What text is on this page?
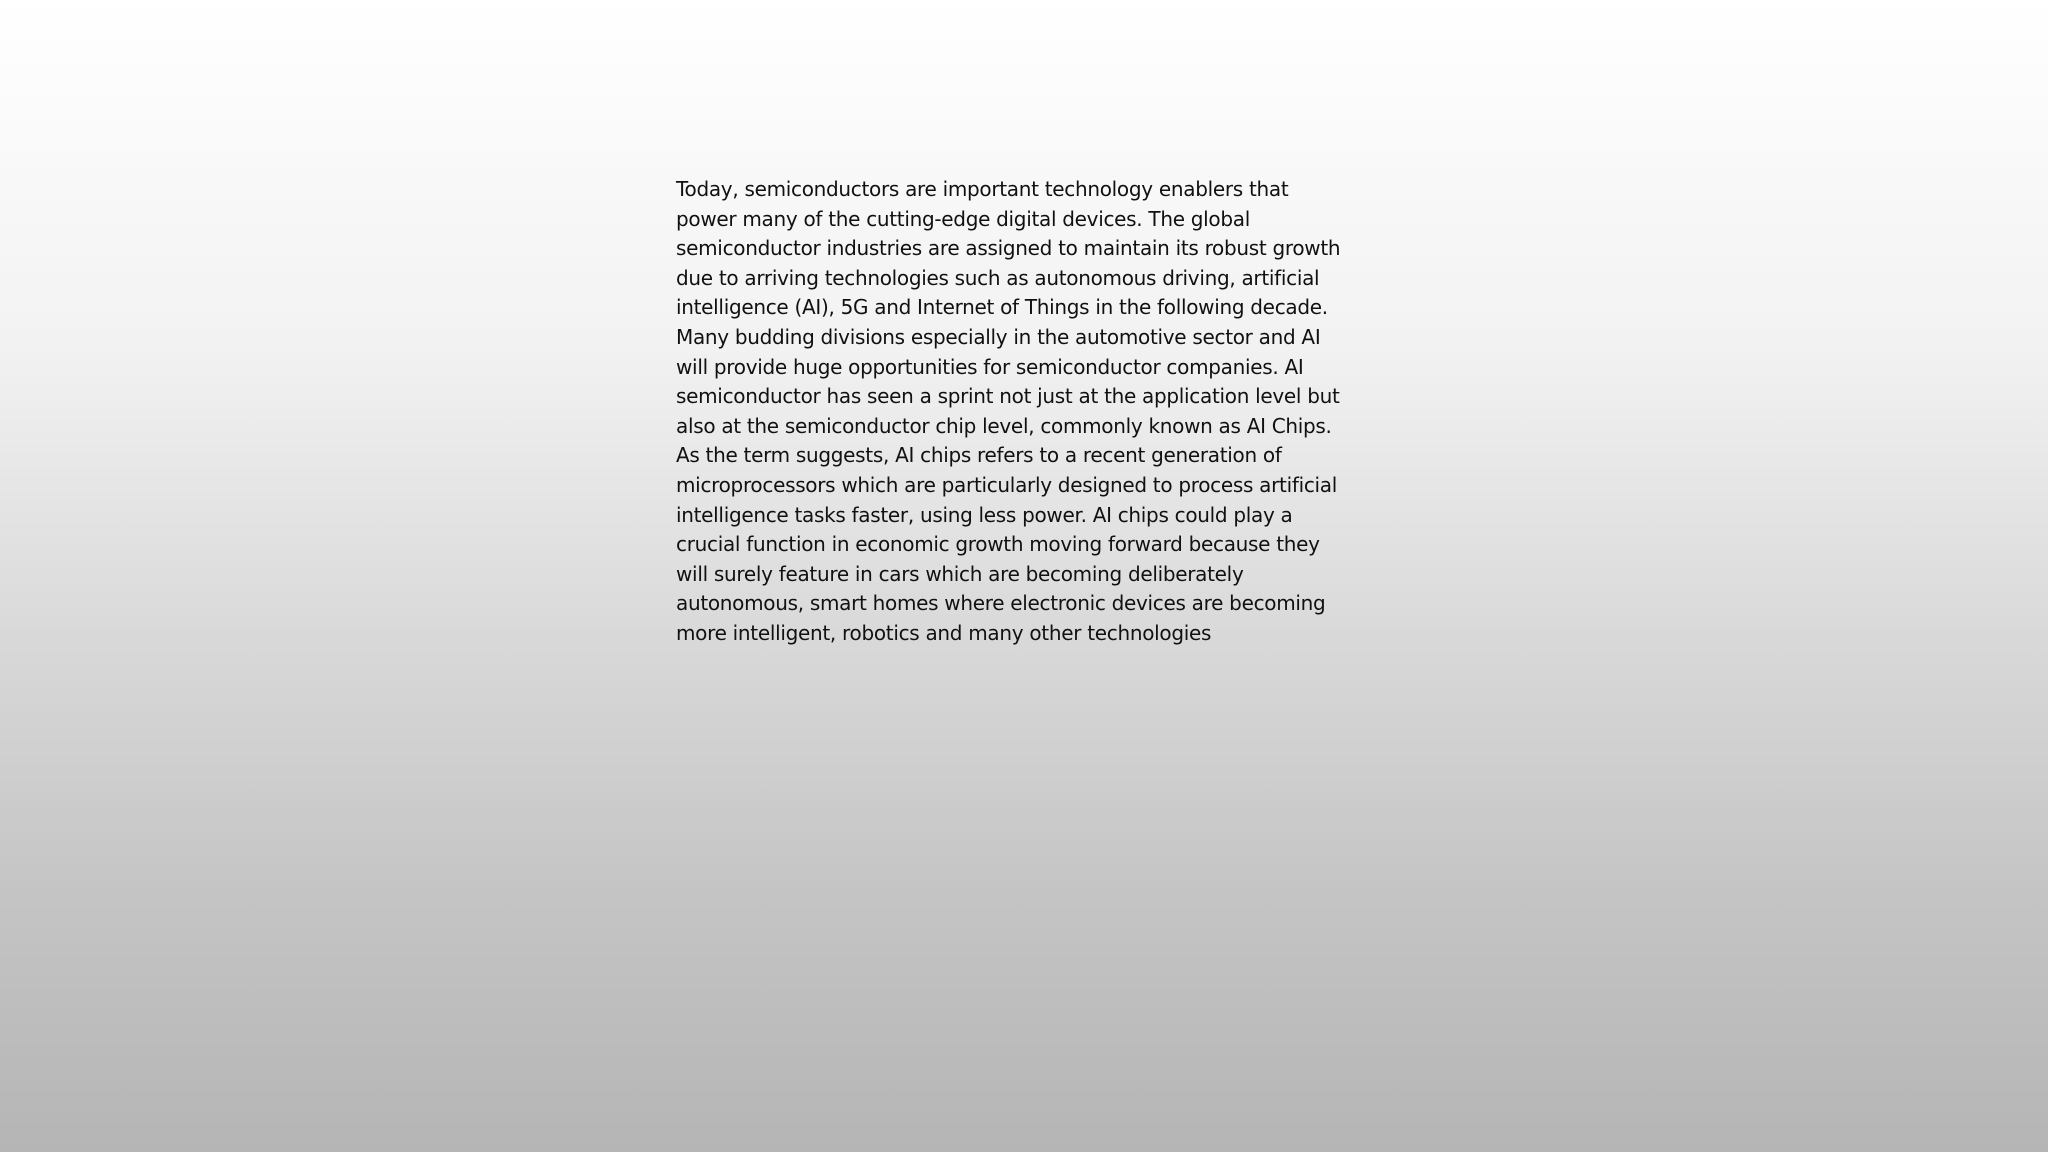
Today, semiconductors are important technology enablers that
power many of the cutting-edge digital devices. The global
semiconductor industries are assigned to maintain its robust growth
due to arriving technologies such as autonomous driving, artificial
intelligence (AI), 5G and Internet of Things in the following decade.
Many budding divisions especially in the automotive sector and AI
will provide huge opportunities for semiconductor companies. AI
semiconductor has seen a sprint not just at the application level but
also at the semiconductor chip level, commonly known as AI Chips.
As the term suggests, AI chips refers to a recent generation of
microprocessors which are particularly designed to process artificial
intelligence tasks faster, using less power. AI chips could play a
crucial function in economic growth moving forward because they
will surely feature in cars which are becoming deliberately
autonomous, smart homes where electronic devices are becoming
more intelligent, robotics and many other technologies
